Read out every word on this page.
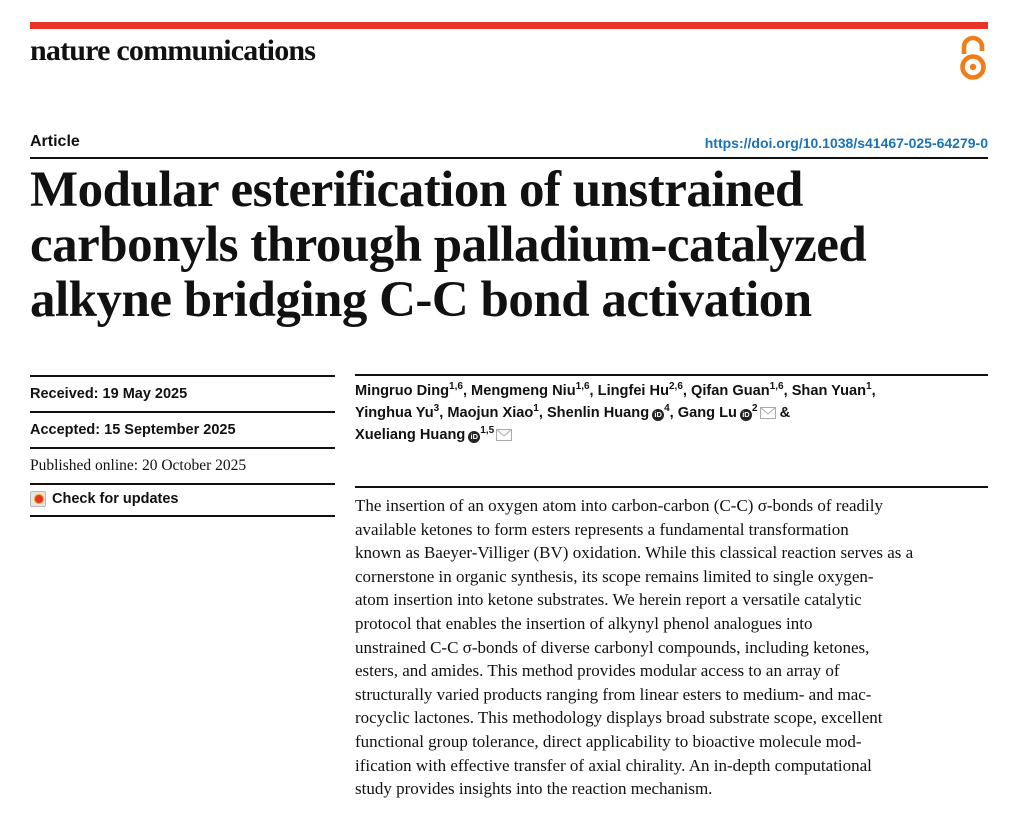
nature communications
Article	https://doi.org/10.1038/s41467-025-64279-0
Modular esterification of unstrained
carbonyls through palladium-catalyzed
alkyne bridging C-C bond activation
Received: 19 May 2025
Accepted: 15 September 2025
Published online: 20 October 2025
Check for updates
Mingruo Ding$^{1,6}$, Mengmeng Niu$^{1,6}$, Lingfei Hu$^{2,6}$, Qifan Guan$^{1,6}$, Shan Yuan$^1$,
Yinghua Yu$^3$, Maojun Xiao$^1$, Shenlin Huang $iD^4$, Gang Lu $iD^2$ &
Xueliang Huang iD$^{1,5}$

The insertion of an oxygen atom into carbon-carbon (C-C) σ-bonds of readily
available ketones to form esters represents a fundamental transformation
known as Baeyer-Villiger (BV) oxidation. While this classical reaction serves as a
cornerstone in organic synthesis, its scope remains limited to single oxygen-
atom insertion into ketone substrates. We herein report a versatile catalytic
protocol that enables the insertion of alkynyl phenol analogues into
unstrained C-C σ-bonds of diverse carbonyl compounds, including ketones,
esters, and amides. This method provides modular access to an array of
structurally varied products ranging from linear esters to medium- and mac-
rocyclic lactones. This methodology displays broad substrate scope, excellent
functional group tolerance, direct applicability to bioactive molecule mod-
ification with effective transfer of axial chirality. An in-depth computational
study provides insights into the reaction mechanism.
